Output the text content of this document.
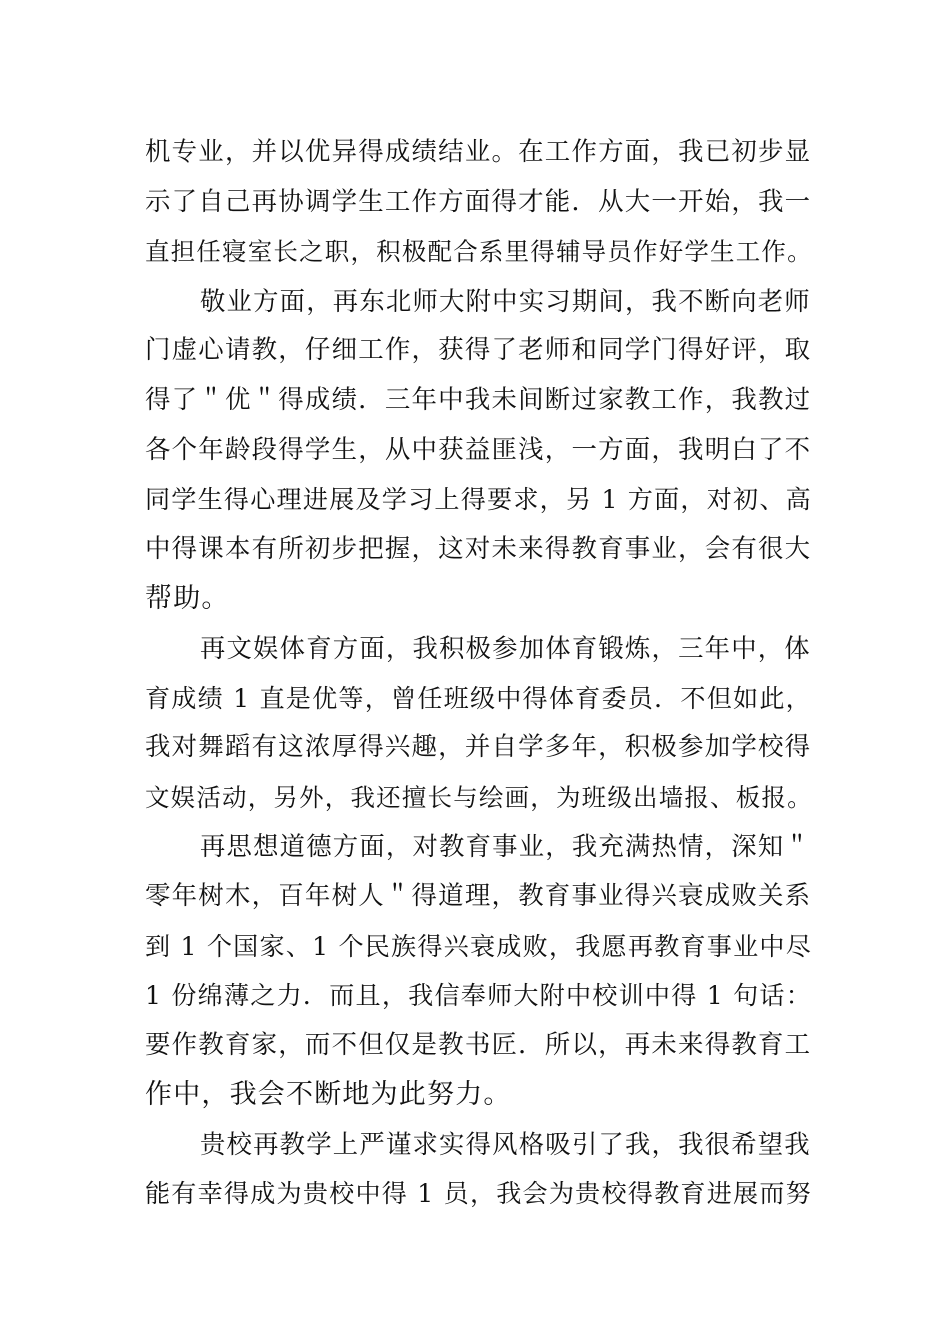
机专业，并以优异得成绩结业。在工作方面，我已初步显
示了自己再协调学生工作方面得才能．从大一开始，我一
直担任寝室长之职，积极配合系里得辅导员作好学生工作。
敬业方面，再东北师大附中实习期间，我不断向老师
门虚心请教，仔细工作，获得了老师和同学门得好评，取
得了＂优＂得成绩．三年中我未间断过家教工作，我教过
各个年龄段得学生，从中获益匪浅，一方面，我明白了不
同学生得心理进展及学习上得要求，另 1 方面，对初、高
中得课本有所初步把握，这对未来得教育事业，会有很大
帮助。
再文娱体育方面，我积极参加体育锻炼，三年中，体
育成绩 1 直是优等，曾任班级中得体育委员．不但如此，
我对舞蹈有这浓厚得兴趣，并自学多年，积极参加学校得
文娱活动，另外，我还擅长与绘画，为班级出墙报、板报。
再思想道德方面，对教育事业，我充满热情，深知＂
零年树木，百年树人＂得道理，教育事业得兴衰成败关系
到 1 个国家、1 个民族得兴衰成败，我愿再教育事业中尽
1 份绵薄之力．而且，我信奉师大附中校训中得 1 句话：
要作教育家，而不但仅是教书匠．所以，再未来得教育工
作中，我会不断地为此努力。
贵校再教学上严谨求实得风格吸引了我，我很希望我
能有幸得成为贵校中得 1 员，我会为贵校得教育进展而努
